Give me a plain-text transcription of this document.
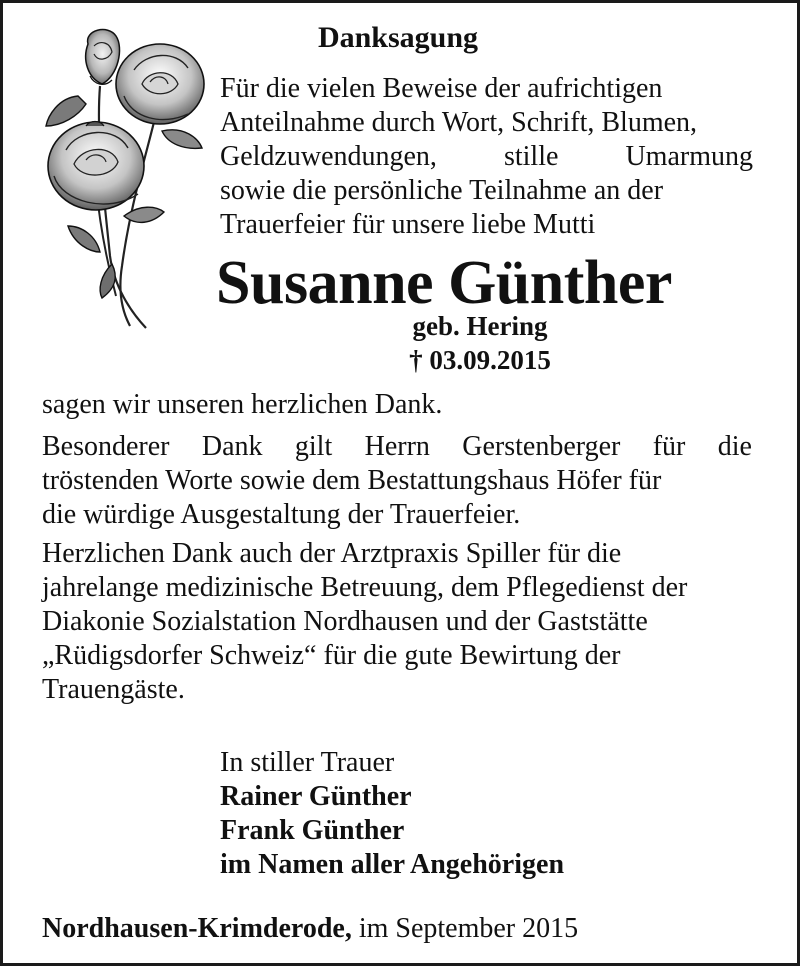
Danksagung
Für die vielen Beweise der aufrichtigen
Anteilnahme durch Wort, Schrift, Blumen,
Geldzuwendungen, stille Umarmung
sowie die persönliche Teilnahme an der
Trauerfeier für unsere liebe Mutti
Susanne Günther
geb. Hering
† 03.09.2015
sagen wir unseren herzlichen Dank.
Besonderer Dank gilt Herrn Gerstenberger für die
tröstenden Worte sowie dem Bestattungshaus Höfer für
die würdige Ausgestaltung der Trauerfeier.
Herzlichen Dank auch der Arztpraxis Spiller für die
jahrelange medizinische Betreuung, dem Pflegedienst der
Diakonie Sozialstation Nordhausen und der Gaststätte
„Rüdigsdorfer Schweiz“ für die gute Bewirtung der
Trauengäste.
In stiller Trauer
Rainer Günther
Frank Günther
im Namen aller Angehörigen
Nordhausen-Krimderode, im September 2015
